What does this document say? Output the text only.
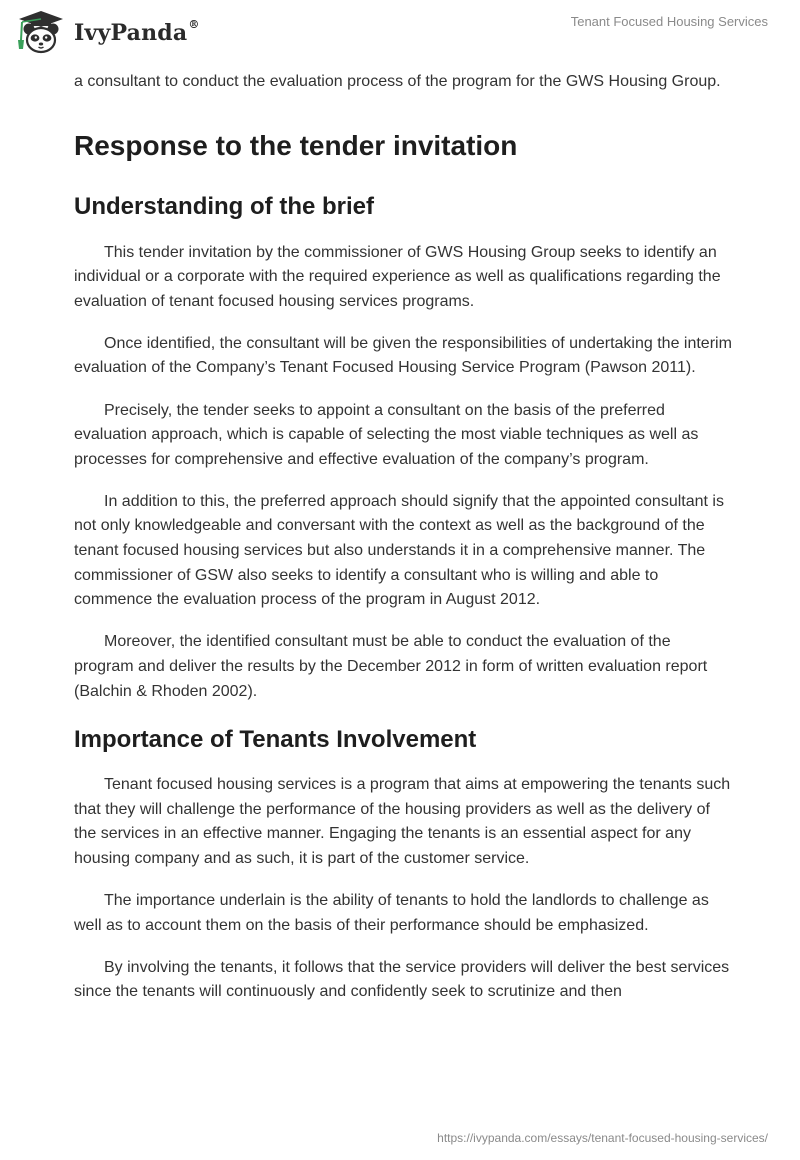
IvyPanda®	Tenant Focused Housing Services

a consultant to conduct the evaluation process of the program for the GWS Housing Group.

Response to the tender invitation
Understanding of the brief

This tender invitation by the commissioner of GWS Housing Group seeks to identify an individual or a corporate with the required experience as well as qualifications regarding the evaluation of tenant focused housing services programs.

Once identified, the consultant will be given the responsibilities of undertaking the interim evaluation of the Company’s Tenant Focused Housing Service Program (Pawson 2011).

Precisely, the tender seeks to appoint a consultant on the basis of the preferred evaluation approach, which is capable of selecting the most viable techniques as well as processes for comprehensive and effective evaluation of the company’s program.

In addition to this, the preferred approach should signify that the appointed consultant is not only knowledgeable and conversant with the context as well as the background of the tenant focused housing services but also understands it in a comprehensive manner. The commissioner of GSW also seeks to identify a consultant who is willing and able to commence the evaluation process of the program in August 2012.

Moreover, the identified consultant must be able to conduct the evaluation of the program and deliver the results by the December 2012 in form of written evaluation report (Balchin & Rhoden 2002).

Importance of Tenants Involvement

Tenant focused housing services is a program that aims at empowering the tenants such that they will challenge the performance of the housing providers as well as the delivery of the services in an effective manner. Engaging the tenants is an essential aspect for any housing company and as such, it is part of the customer service.

The importance underlain is the ability of tenants to hold the landlords to challenge as well as to account them on the basis of their performance should be emphasized.

By involving the tenants, it follows that the service providers will deliver the best services since the tenants will continuously and confidently seek to scrutinize and then

https://ivypanda.com/essays/tenant-focused-housing-services/
